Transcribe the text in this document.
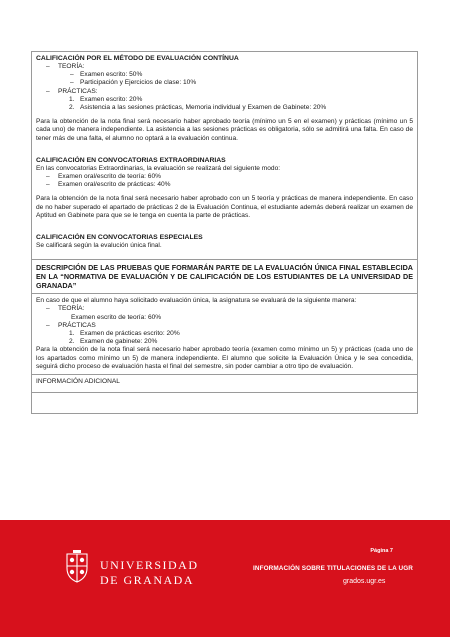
CALIFICACIÓN POR EL MÉTODO DE EVALUACIÓN CONTÍNUA
– TEORÍA:
– Examen escrito: 50%
– Participación y Ejercicios de clase: 10%
– PRÁCTICAS:
Examen escrito: 20%
Asistencia a las sesiones prácticas, Memoria individual y Examen de Gabinete: 20%
Para la obtención de la nota final será necesario haber aprobado teoría (mínimo un 5 en el examen) y prácticas (mínimo un 5 cada uno) de manera independiente. La asistencia a las sesiones prácticas es obligatoria, sólo se admitirá una falta. En caso de tener más de una falta, el alumno no optará a la evaluación continua.
CALIFICACIÓN EN CONVOCATORIAS EXTRAORDINARIAS
En las convocatorias Extraordinarias, la evaluación se realizará del siguiente modo:
– Examen oral/escrito de teoría: 60%
– Examen oral/escrito de prácticas: 40%
Para la obtención de la nota final será necesario haber aprobado con un 5 teoría y prácticas de manera independiente. En caso de no haber superado el apartado de prácticas 2 de la Evaluación Continua, el estudiante además deberá realizar un examen de Aptitud en Gabinete para que se le tenga en cuenta la parte de prácticas.
CALIFICACIÓN EN CONVOCATORIAS ESPECIALES
Se calificará según la evalución única final.

DESCRIPCIÓN DE LAS PRUEBAS QUE FORMARÁN PARTE DE LA EVALUACIÓN ÚNICA FINAL ESTABLECIDA EN LA “NORMATIVA DE EVALUACIÓN Y DE CALIFICACIÓN DE LOS ESTUDIANTES DE LA UNIVERSIDAD DE GRANADA”

En caso de que el alumno haya solicitado evaluación única, la asignatura se evaluará de la siguiente manera:
– TEORÍA:
Examen escrito de teoría: 60%
– PRÁCTICAS
Examen de prácticas escrito: 20%
Examen de gabinete: 20%
Para la obtención de la nota final será necesario haber aprobado teoría (examen como mínimo un 5) y prácticas (cada uno de los apartados como mínimo un 5) de manera independiente. El alumno que solicite la Evaluación Única y le sea concedida, seguirá dicho proceso de evaluación hasta el final del semestre, sin poder cambiar a otro tipo de evaluación.

INFORMACIÓN ADICIONAL

Página 7
UNIVERSIDAD
DE GRANADA
INFORMACIÓN SOBRE TITULACIONES DE LA UGR
grados.ugr.es
